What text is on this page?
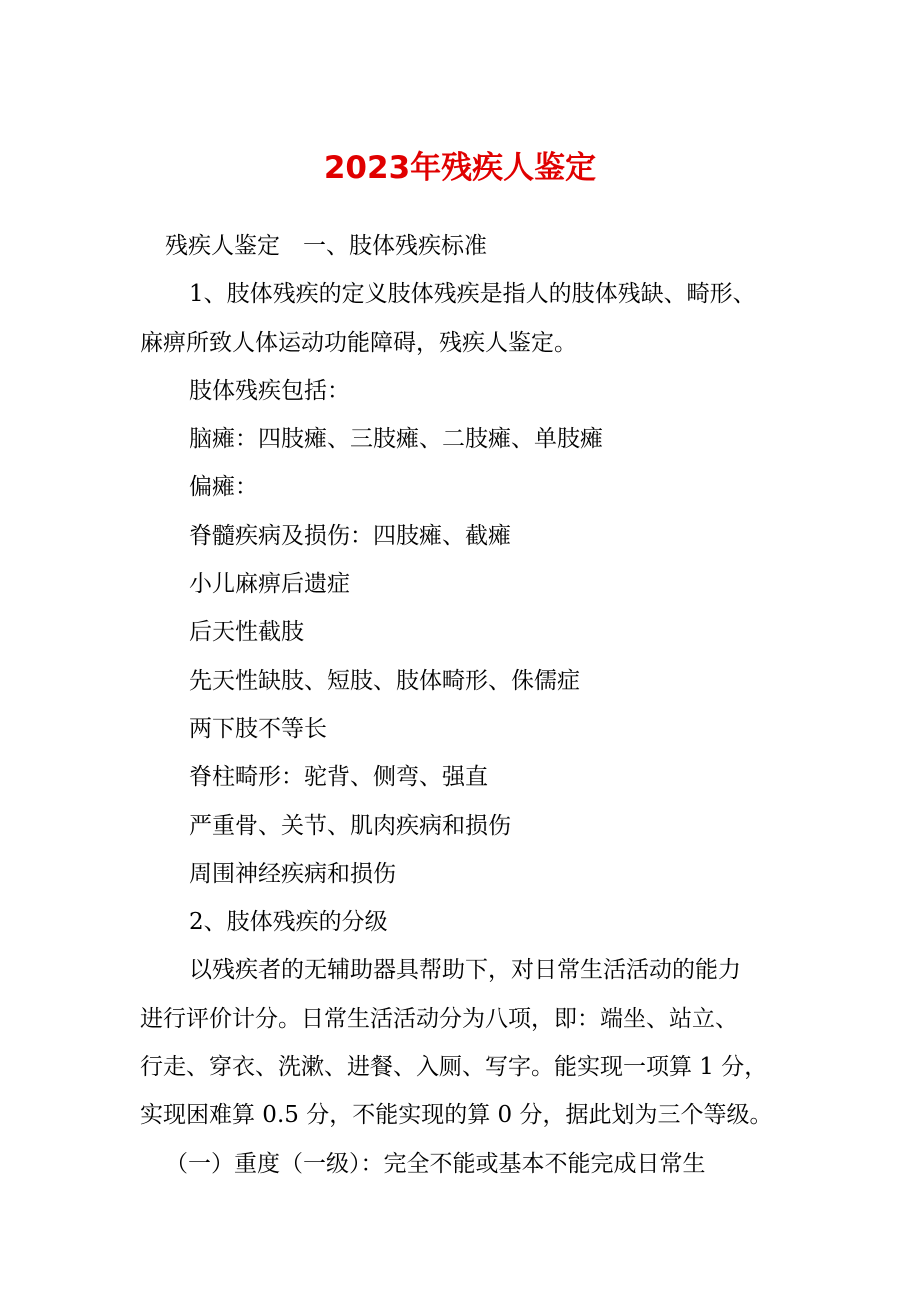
2023年残疾人鉴定

残疾人鉴定　一、肢体残疾标准

1、肢体残疾的定义肢体残疾是指人的肢体残缺、畸形、
麻痹所致人体运动功能障碍，残疾人鉴定。

肢体残疾包括：

脑瘫：四肢瘫、三肢瘫、二肢瘫、单肢瘫

偏瘫：

脊髓疾病及损伤：四肢瘫、截瘫

小儿麻痹后遗症

后天性截肢

先天性缺肢、短肢、肢体畸形、侏儒症

两下肢不等长

脊柱畸形：驼背、侧弯、强直

严重骨、关节、肌肉疾病和损伤

周围神经疾病和损伤

2、肢体残疾的分级

以残疾者的无辅助器具帮助下，对日常生活活动的能力
进行评价计分。日常生活活动分为八项，即：端坐、站立、
行走、穿衣、洗漱、进餐、入厕、写字。能实现一项算 1 分，
实现困难算 0.5 分，不能实现的算 0 分，据此划为三个等级。

（一）重度（一级）：完全不能或基本不能完成日常生
